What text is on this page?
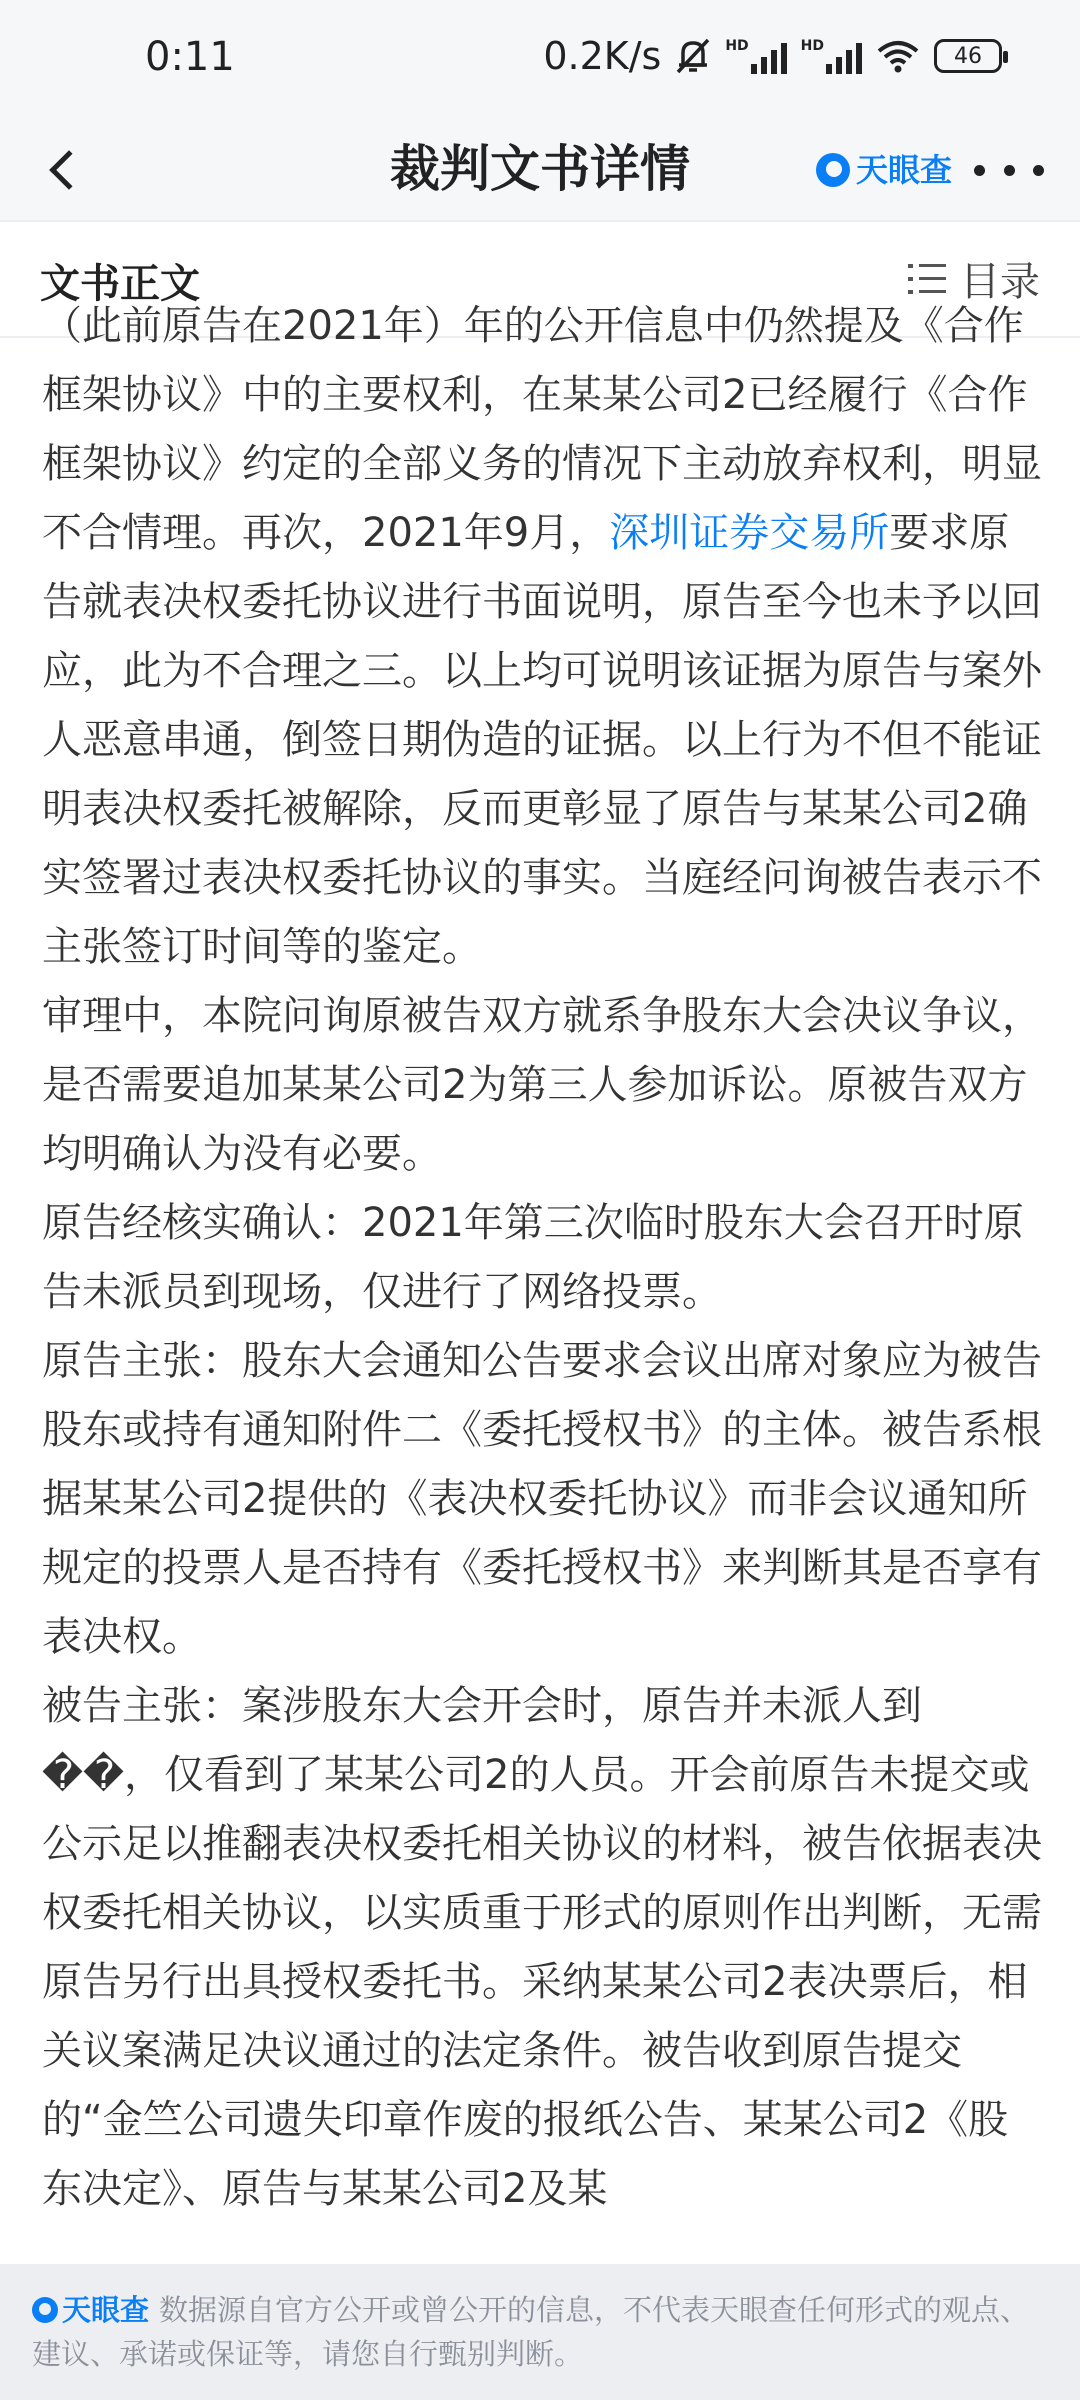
0:11	0.2K/s	HD	HD	46
裁判文书详情	天眼查
文书正文	目录

（此前原告在2021年）年的公开信息中仍然提及《合作框架协议》中的主要权利，在某某公司2已经履行《合作框架协议》约定的全部义务的情况下主动放弃权利，明显不合情理。再次，2021年9月，深圳证券交易所要求原告就表决权委托协议进行书面说明，原告至今也未予以回应，此为不合理之三。以上均可说明该证据为原告与案外人恶意串通，倒签日期伪造的证据。以上行为不但不能证明表决权委托被解除，反而更彰显了原告与某某公司2确实签署过表决权委托协议的事实。当庭经问询被告表示不主张签订时间等的鉴定。

审理中，本院问询原被告双方就系争股东大会决议争议，是否需要追加某某公司2为第三人参加诉讼。原被告双方均明确认为没有必要。

原告经核实确认：2021年第三次临时股东大会召开时原告未派员到现场，仅进行了网络投票。

原告主张：股东大会通知公告要求会议出席对象应为被告股东或持有通知附件二《委托授权书》的主体。被告系根据某某公司2提供的《表决权委托协议》而非会议通知所规定的投票人是否持有《委托授权书》来判断其是否享有表决权。

被告主张：案涉股东大会开会时，原告并未派人到��，仅看到了某某公司2的人员。开会前原告未提交或公示足以推翻表决权委托相关协议的材料，被告依据表决权委托相关协议，以实质重于形式的原则作出判断，无需原告另行出具授权委托书。采纳某某公司2表决票后，相关议案满足决议通过的法定条件。被告收到原告提交的“金竺公司遗失印章作废的报纸公告、某某公司2《股东决定》、原告与某某公司2及某

天眼查 数据源自官方公开或曾公开的信息，不代表天眼查任何形式的观点、建议、承诺或保证等，请您自行甄别判断。
